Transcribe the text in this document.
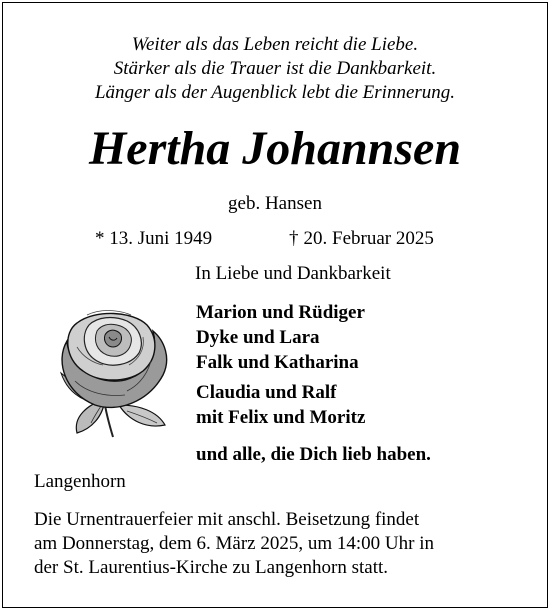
Weiter als das Leben reicht die Liebe.
Stärker als die Trauer ist die Dankbarkeit.
Länger als der Augenblick lebt die Erinnerung.
Hertha Johannsen
geb. Hansen
* 13. Juni 1949	† 20. Februar 2025
In Liebe und Dankbarkeit
Marion und Rüdiger
Dyke und Lara
Falk und Katharina
Claudia und Ralf
mit Felix und Moritz
und alle, die Dich lieb haben.
Langenhorn
Die Urnentrauerfeier mit anschl. Beisetzung findet
am Donnerstag, dem 6. März 2025, um 14:00 Uhr in
der St. Laurentius-Kirche zu Langenhorn statt.
